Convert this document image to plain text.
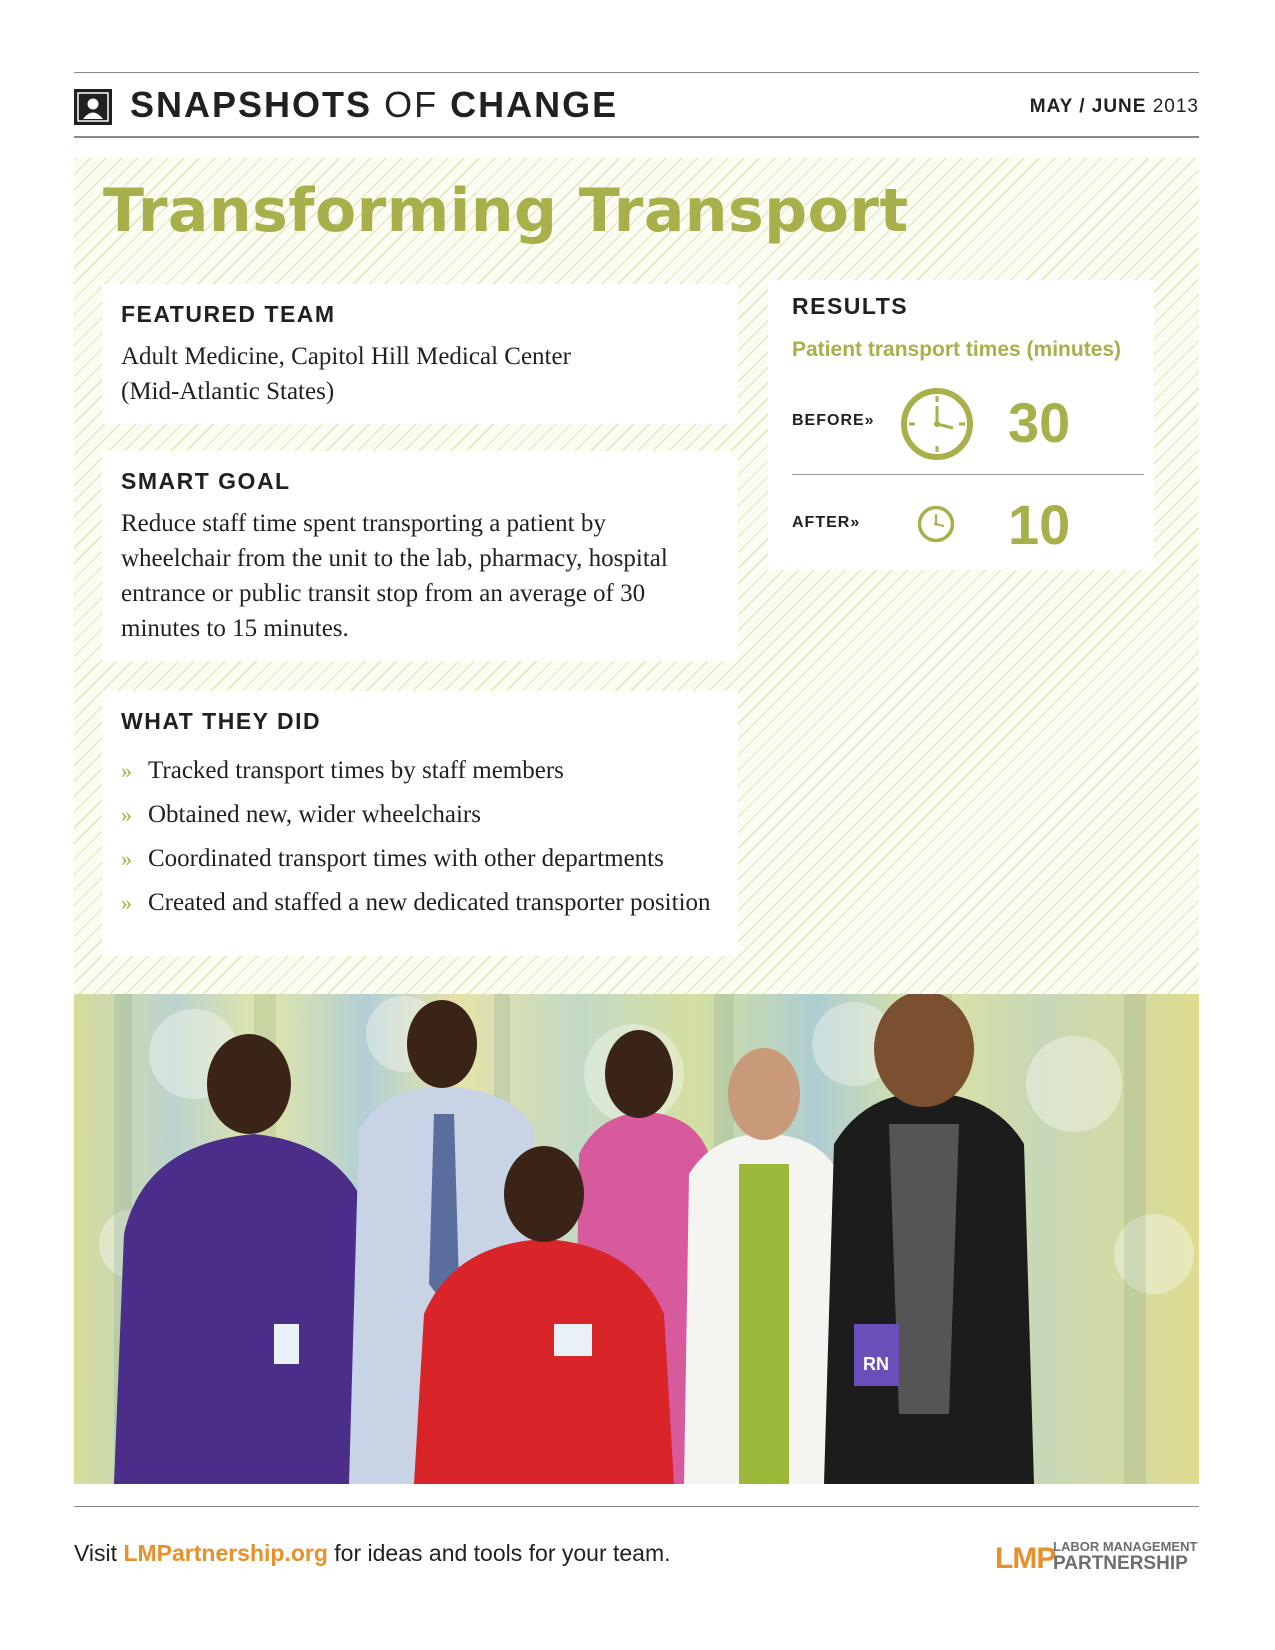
SNAPSHOTS OF CHANGE	MAY / JUNE 2013
Transforming Transport
FEATURED TEAM
Adult Medicine, Capitol Hill Medical Center
(Mid-Atlantic States)
SMART GOAL
Reduce staff time spent transporting a patient by wheelchair from the unit to the lab, pharmacy, hospital entrance or public transit stop from an average of 30 minutes to 15 minutes.
WHAT THEY DID
» Tracked transport times by staff members
» Obtained new, wider wheelchairs
» Coordinated transport times with other departments
» Created and staffed a new dedicated transporter position
RESULTS
Patient transport times (minutes)
BEFORE» 30
AFTER»	10
RN
Visit LMPartnership.org for ideas and tools for your team.	LMP
LABOR MANAGEMENT
PARTNERSHIP
